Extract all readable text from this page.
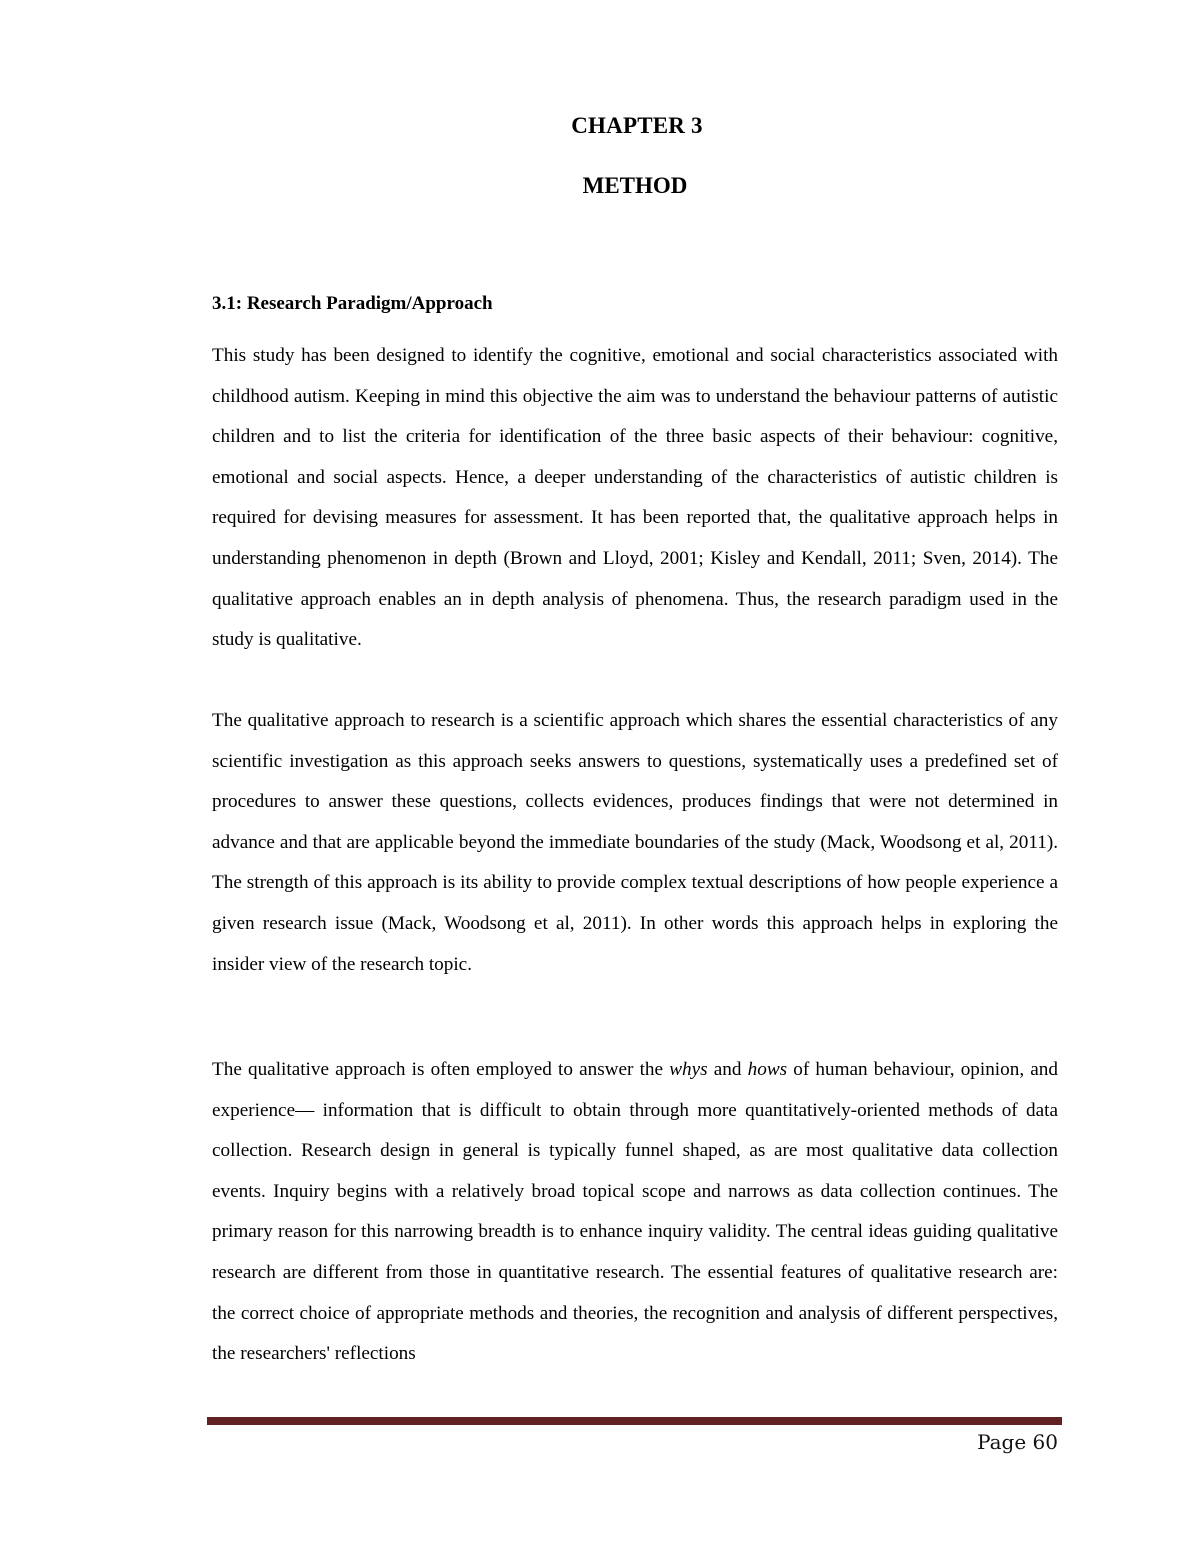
CHAPTER 3
METHOD
3.1: Research Paradigm/Approach

This study has been designed to identify the cognitive, emotional and social characteristics associated with childhood autism. Keeping in mind this objective the aim was to understand the behaviour patterns of autistic children and to list the criteria for identification of the three basic aspects of their behaviour: cognitive, emotional and social aspects. Hence, a deeper understanding of the characteristics of autistic children is required for devising measures for assessment. It has been reported that, the qualitative approach helps in understanding phenomenon in depth (Brown and Lloyd, 2001; Kisley and Kendall, 2011; Sven, 2014). The qualitative approach enables an in depth analysis of phenomena. Thus, the research paradigm used in the study is qualitative.

The qualitative approach to research is a scientific approach which shares the essential characteristics of any scientific investigation as this approach seeks answers to questions, systematically uses a predefined set of procedures to answer these questions, collects evidences, produces findings that were not determined in advance and that are applicable beyond the immediate boundaries of the study (Mack, Woodsong et al, 2011). The strength of this approach is its ability to provide complex textual descriptions of how people experience a given research issue (Mack, Woodsong et al, 2011). In other words this approach helps in exploring the insider view of the research topic.

The qualitative approach is often employed to answer the whys and hows of human behaviour, opinion, and experience— information that is difficult to obtain through more quantitatively-oriented methods of data collection. Research design in general is typically funnel shaped, as are most qualitative data collection events. Inquiry begins with a relatively broad topical scope and narrows as data collection continues. The primary reason for this narrowing breadth is to enhance inquiry validity. The central ideas guiding qualitative research are different from those in quantitative research. The essential features of qualitative research are: the correct choice of appropriate methods and theories, the recognition and analysis of different perspectives, the researchers' reflections

Page 60
